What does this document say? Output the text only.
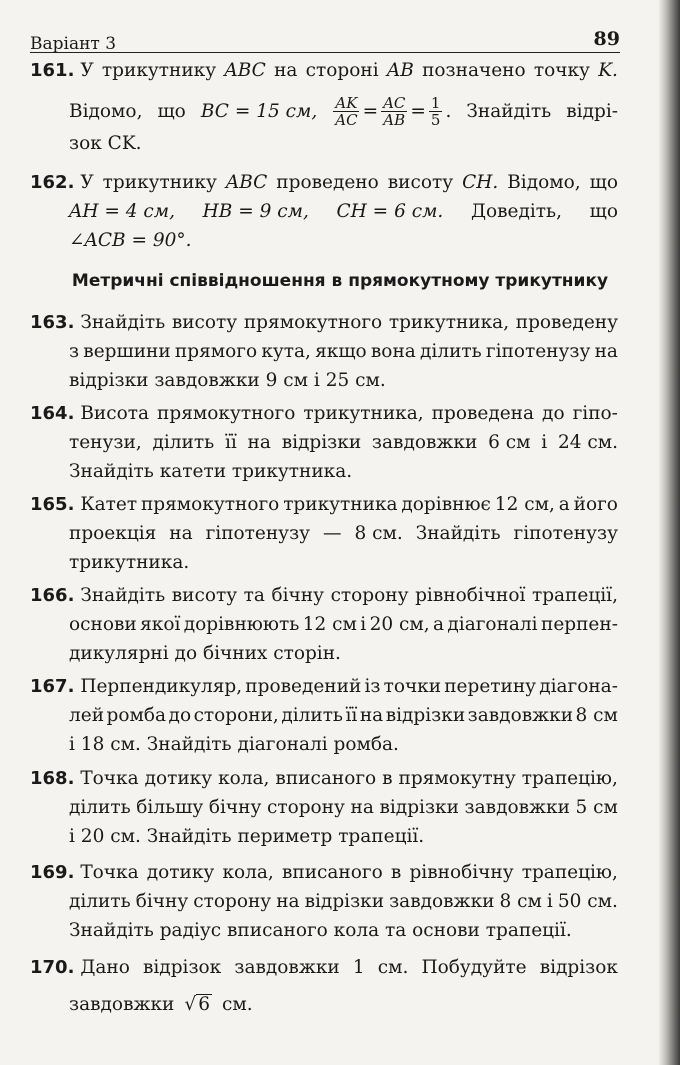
Варіант 3	89
161. У трикутнику ABC на стороні AB позначено точку K.
Відомо, що BC = 15 см, $\frac{AK}{AC} = \frac{AC}{AB} = \frac{1}{5}$ . Знайдіть відрі-
зок CK.
162. У трикутнику ABC проведено висоту CH. Відомо, що
AH = 4 см, HB = 9 см, CH = 6 см. Доведіть, що
∠ACB = 90°.
Метричні співвідношення в прямокутному трикутнику
163. Знайдіть висоту прямокутного трикутника, проведену
з вершини прямого кута, якщо вона ділить гіпотенузу на
відрізки завдовжки 9 см і 25 см.
164. Висота прямокутного трикутника, проведена до гіпо-
тенузи, ділить її на відрізки завдовжки 6 см і 24 см.
Знайдіть катети трикутника.
165. Катет прямокутного трикутника дорівнює 12 см, а його
проекція на гіпотенузу — 8 см. Знайдіть гіпотенузу
трикутника.
166. Знайдіть висоту та бічну сторону рівнобічної трапеції,
основи якої дорівнюють 12 см і 20 см, а діагоналі перпен-
дикулярні до бічних сторін.
167. Перпендикуляр, проведений із точки перетину діагона-
лей ромба до сторони, ділить її на відрізки завдовжки 8 см
і 18 см. Знайдіть діагоналі ромба.
168. Точка дотику кола, вписаного в прямокутну трапецію,
ділить більшу бічну сторону на відрізки завдовжки 5 см
і 20 см. Знайдіть периметр трапеції.
169. Точка дотику кола, вписаного в рівнобічну трапецію,
ділить бічну сторону на відрізки завдовжки 8 см і 50 см.
Знайдіть радіус вписаного кола та основи трапеції.
170. Дано відрізок завдовжки 1 см. Побудуйте відрізок
завдовжки √ 6 см.
